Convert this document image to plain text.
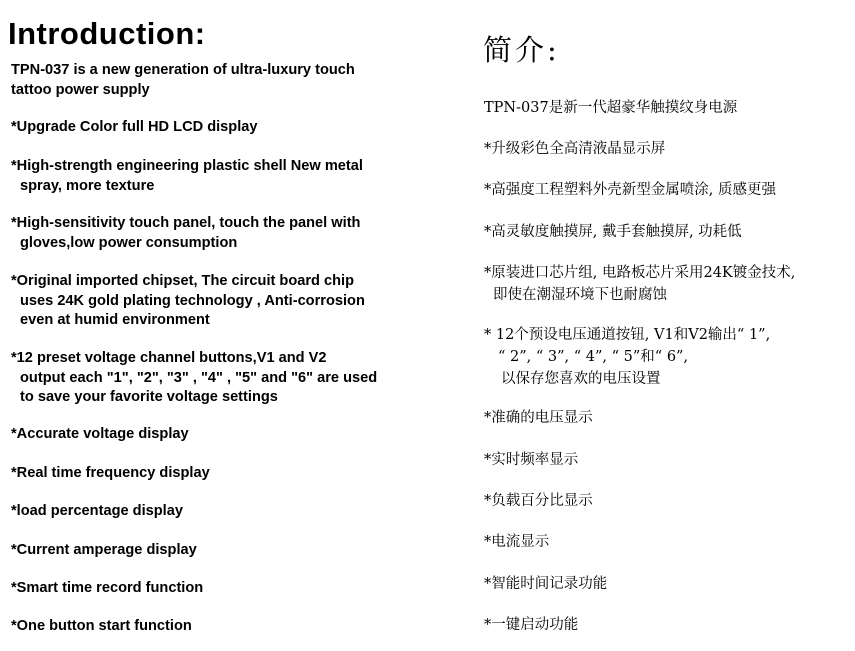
Introduction:

TPN-037 is a new generation of ultra-luxury touch
tattoo power supply

*Upgrade Color full HD LCD display

*High-strength engineering plastic shell New metal
spray, more texture

*High-sensitivity touch panel, touch the panel with
gloves,low power consumption

*Original imported chipset, The circuit board chip
uses 24K gold plating technology , Anti-corrosion
even at humid environment

*12 preset voltage channel buttons,V1 and V2
output each "1", "2", "3" , "4" , "5" and "6" are used
to save your favorite voltage settings

*Accurate voltage display

*Real time frequency display

*load percentage display

*Current amperage display

*Smart time record function

*One button start function

简介:

TPN-037是新一代超豪华触摸纹身电源

*升级彩色全高清液晶显示屏

*高强度工程塑料外壳新型金属喷涂, 质感更强

*高灵敏度触摸屏, 戴手套触摸屏, 功耗低

*原装进口芯片组, 电路板芯片采用24K镀金技术,
即使在潮湿环境下也耐腐蚀

* 12个预设电压通道按钮, V1和V2输出“ 1”,
“ 2”, “ 3”, “ 4”, “ 5”和“ 6”,
以保存您喜欢的电压设置

*准确的电压显示

*实时频率显示

*负载百分比显示

*电流显示

*智能时间记录功能

*一键启动功能
